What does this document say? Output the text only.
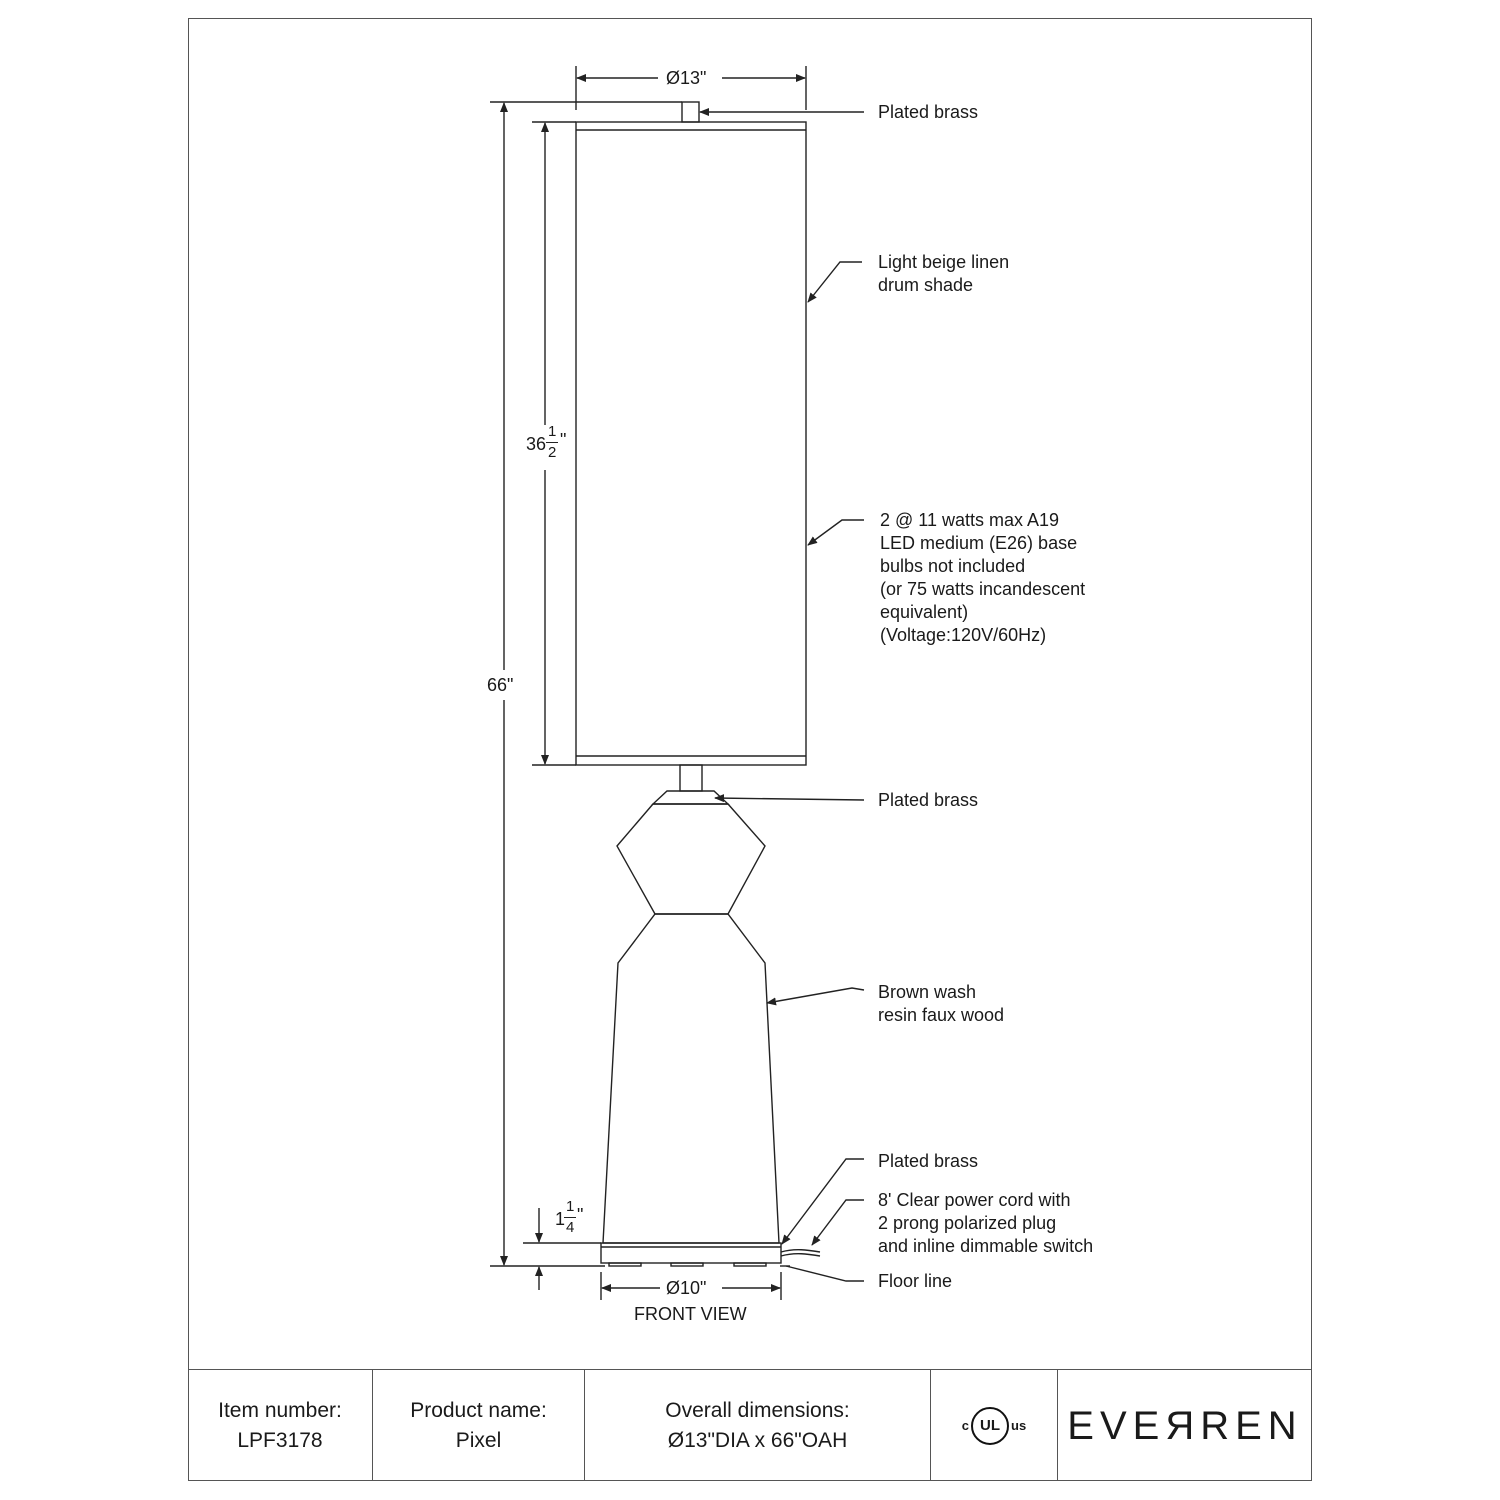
Ø13"
66"
Ø10"
FRONT VIEW
36
1
2
"
1
1
4
"
Plated brass
Light beige linen
drum shade
2 @ 11 watts max A19
LED medium (E26) base
bulbs not included
(or 75 watts incandescent
equivalent)
(Voltage:120V/60Hz)
Plated brass
Brown wash
resin faux wood
Plated brass
8' Clear power cord with
2 prong polarized plug
and inline dimmable switch
Floor line
Item number:
LPF3178
Product name:
Pixel
Overall dimensions:
Ø13"DIA x 66"OAH
c UL us EVEЯREN
